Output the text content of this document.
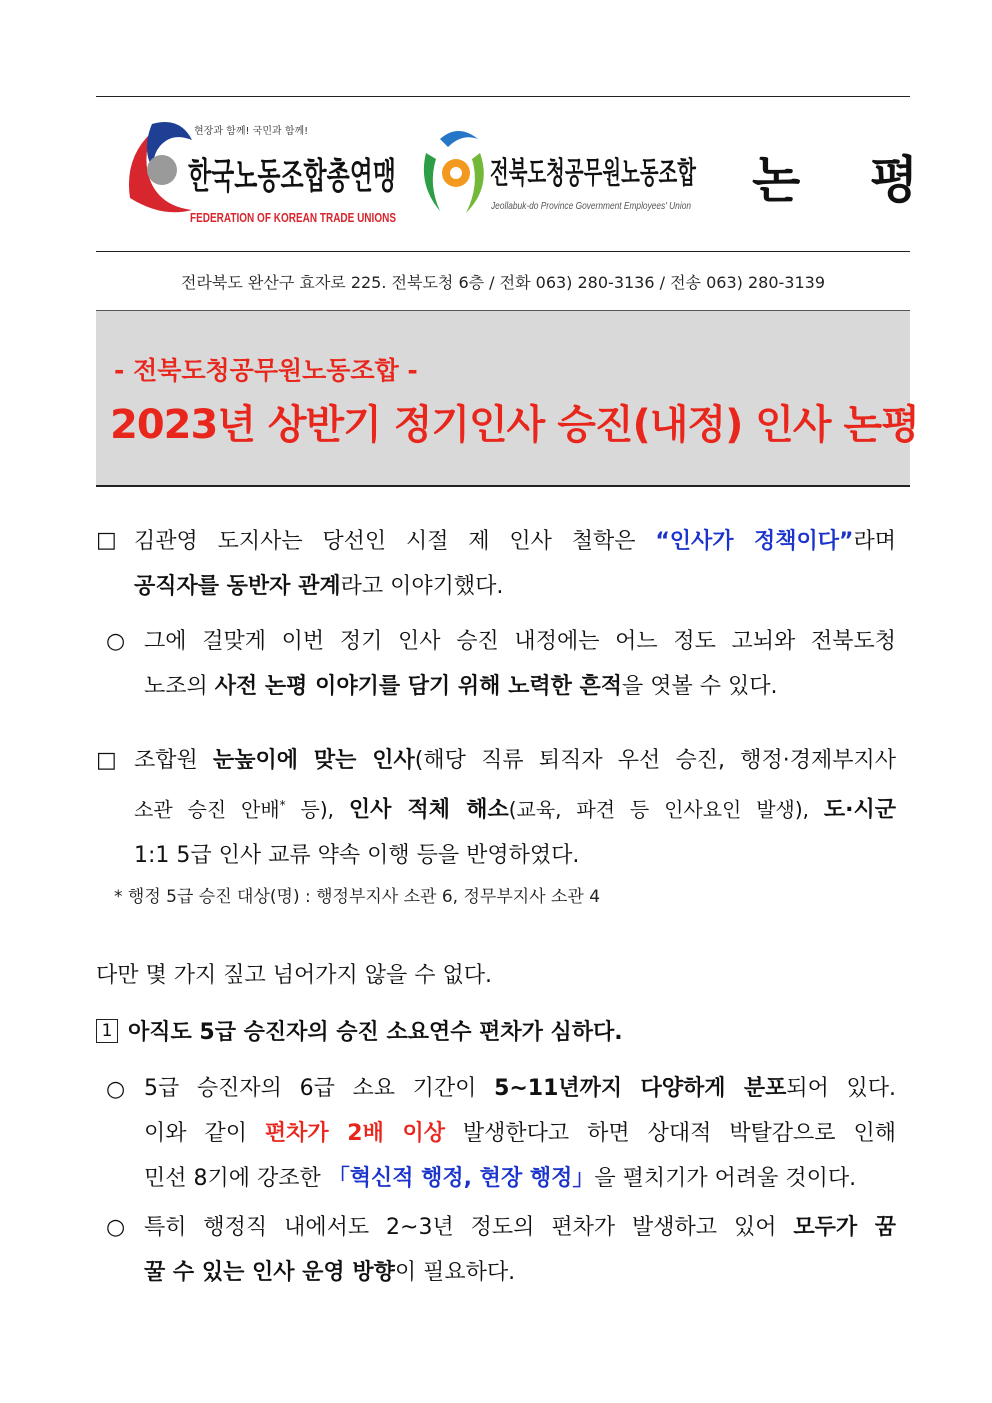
현장과 함께! 국민과 함께!
한국노동조합총연맹
FEDERATION OF KOREAN TRADE UNIONS
전북도청공무원노동조합
Jeollabuk-do Province Government Employees' Union 논 평
전라북도 완산구 효자로 225. 전북도청 6층 / 전화 063) 280-3136 / 전송 063) 280-3139
- 전북도청공무원노동조합 -
2023년 상반기 정기인사 승진(내정) 인사 논평
□ 김관영 도지사는 당선인 시절 제 인사 철학은 “인사가 정책이다”라며
공직자를 동반자 관계라고 이야기했다.
○ 그에 걸맞게 이번 정기 인사 승진 내정에는 어느 정도 고뇌와 전북도청
노조의 사전 논평 이야기를 담기 위해 노력한 흔적을 엿볼 수 있다.
□ 조합원 눈높이에 맞는 인사(해당 직류 퇴직자 우선 승진, 행정·경제부지사
소관 승진 안배* 등), 인사 적체 해소(교육, 파견 등 인사요인 발생), 도·시군
1:1 5급 인사 교류 약속 이행 등을 반영하였다.
* 행정 5급 승진 대상(명) : 행정부지사 소관 6, 정무부지사 소관 4
다만 몇 가지 짚고 넘어가지 않을 수 없다.
1 아직도 5급 승진자의 승진 소요연수 편차가 심하다.
○ 5급 승진자의 6급 소요 기간이 5~11년까지 다양하게 분포되어 있다.
이와 같이 편차가 2배 이상 발생한다고 하면 상대적 박탈감으로 인해
민선 8기에 강조한 「혁신적 행정, 현장 행정」을 펼치기가 어려울 것이다.
○ 특히 행정직 내에서도 2~3년 정도의 편차가 발생하고 있어 모두가 꿈
꿀 수 있는 인사 운영 방향이 필요하다.
